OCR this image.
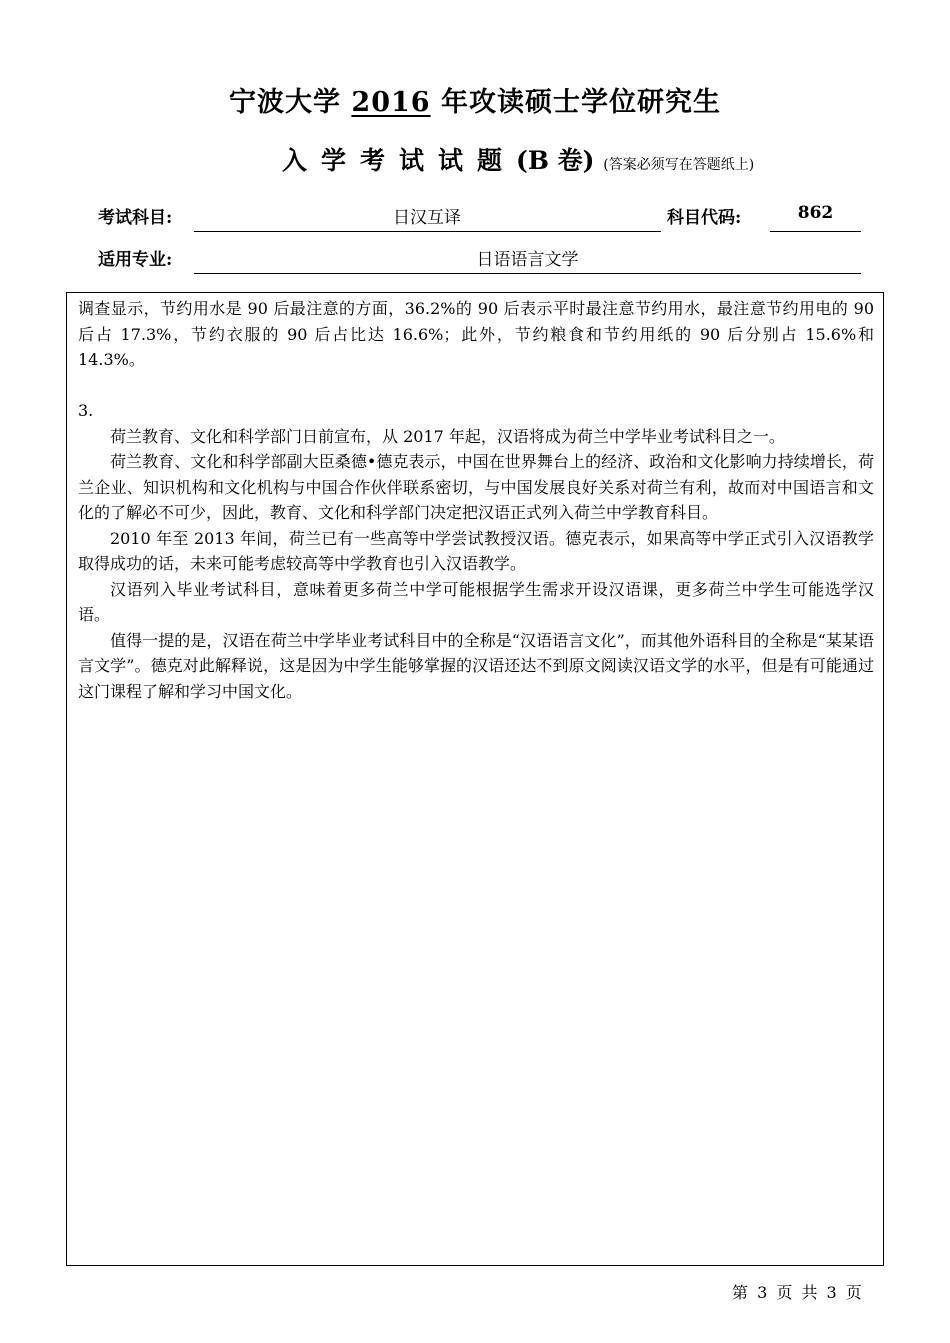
宁波大学 2016 年攻读硕士学位研究生
入学考试试题(B 卷) (答案必须写在答题纸上)
考试科目:	日汉互译	科目代码:	862
适用专业:	日语语言文学

调查显示，节约用水是 90 后最注意的方面，36.2%的 90 后表示平时最注意节约用水，最注意节约用电的 90 后占 17.3%，节约衣服的 90 后占比达 16.6%；此外，节约粮食和节约用纸的 90 后分别占 15.6%和 14.3%。

3.

荷兰教育、文化和科学部门日前宣布，从 2017 年起，汉语将成为荷兰中学毕业考试科目之一。

荷兰教育、文化和科学部副大臣桑德•德克表示，中国在世界舞台上的经济、政治和文化影响力持续增长，荷兰企业、知识机构和文化机构与中国合作伙伴联系密切，与中国发展良好关系对荷兰有利，故而对中国语言和文化的了解必不可少，因此，教育、文化和科学部门决定把汉语正式列入荷兰中学教育科目。

2010 年至 2013 年间，荷兰已有一些高等中学尝试教授汉语。德克表示，如果高等中学正式引入汉语教学取得成功的话，未来可能考虑较高等中学教育也引入汉语教学。

汉语列入毕业考试科目，意味着更多荷兰中学可能根据学生需求开设汉语课，更多荷兰中学生可能选学汉语。

值得一提的是，汉语在荷兰中学毕业考试科目中的全称是“汉语语言文化”，而其他外语科目的全称是“某某语言文学”。德克对此解释说，这是因为中学生能够掌握的汉语还达不到原文阅读汉语文学的水平，但是有可能通过这门课程了解和学习中国文化。

第 3 页 共 3 页
